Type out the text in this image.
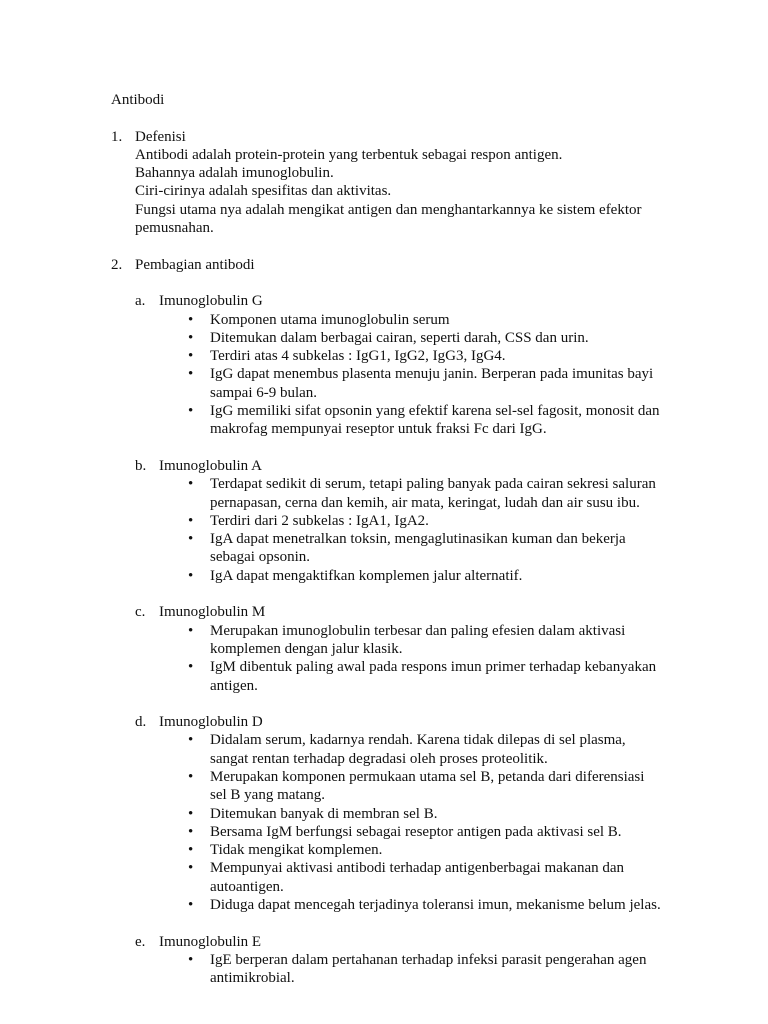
Antibodi
1. Defenisi
Antibodi adalah protein-protein yang terbentuk sebagai respon antigen.
Bahannya adalah imunoglobulin.
Ciri-cirinya adalah spesifitas dan aktivitas.
Fungsi utama nya adalah mengikat antigen dan menghantarkannya ke sistem efektor
pemusnahan.
2. Pembagian antibodi
a. Imunoglobulin G
• Komponen utama imunoglobulin serum
• Ditemukan dalam berbagai cairan, seperti darah, CSS dan urin.
• Terdiri atas 4 subkelas : IgG1, IgG2, IgG3, IgG4.
• IgG dapat menembus plasenta menuju janin. Berperan pada imunitas bayi
sampai 6-9 bulan.
• IgG memiliki sifat opsonin yang efektif karena sel-sel fagosit, monosit dan
makrofag mempunyai reseptor untuk fraksi Fc dari IgG.
b. Imunoglobulin A
• Terdapat sedikit di serum, tetapi paling banyak pada cairan sekresi saluran
pernapasan, cerna dan kemih, air mata, keringat, ludah dan air susu ibu.
• Terdiri dari 2 subkelas : IgA1, IgA2.
• IgA dapat menetralkan toksin, mengaglutinasikan kuman dan bekerja
sebagai opsonin.
• IgA dapat mengaktifkan komplemen jalur alternatif.
c. Imunoglobulin M
• Merupakan imunoglobulin terbesar dan paling efesien dalam aktivasi
komplemen dengan jalur klasik.
• IgM dibentuk paling awal pada respons imun primer terhadap kebanyakan
antigen.
d. Imunoglobulin D
• Didalam serum, kadarnya rendah. Karena tidak dilepas di sel plasma,
sangat rentan terhadap degradasi oleh proses proteolitik.
• Merupakan komponen permukaan utama sel B, petanda dari diferensiasi
sel B yang matang.
• Ditemukan banyak di membran sel B.
• Bersama IgM berfungsi sebagai reseptor antigen pada aktivasi sel B.
• Tidak mengikat komplemen.
• Mempunyai aktivasi antibodi terhadap antigenberbagai makanan dan
autoantigen.
• Diduga dapat mencegah terjadinya toleransi imun, mekanisme belum jelas.
e. Imunoglobulin E
• IgE berperan dalam pertahanan terhadap infeksi parasit pengerahan agen
antimikrobial.
